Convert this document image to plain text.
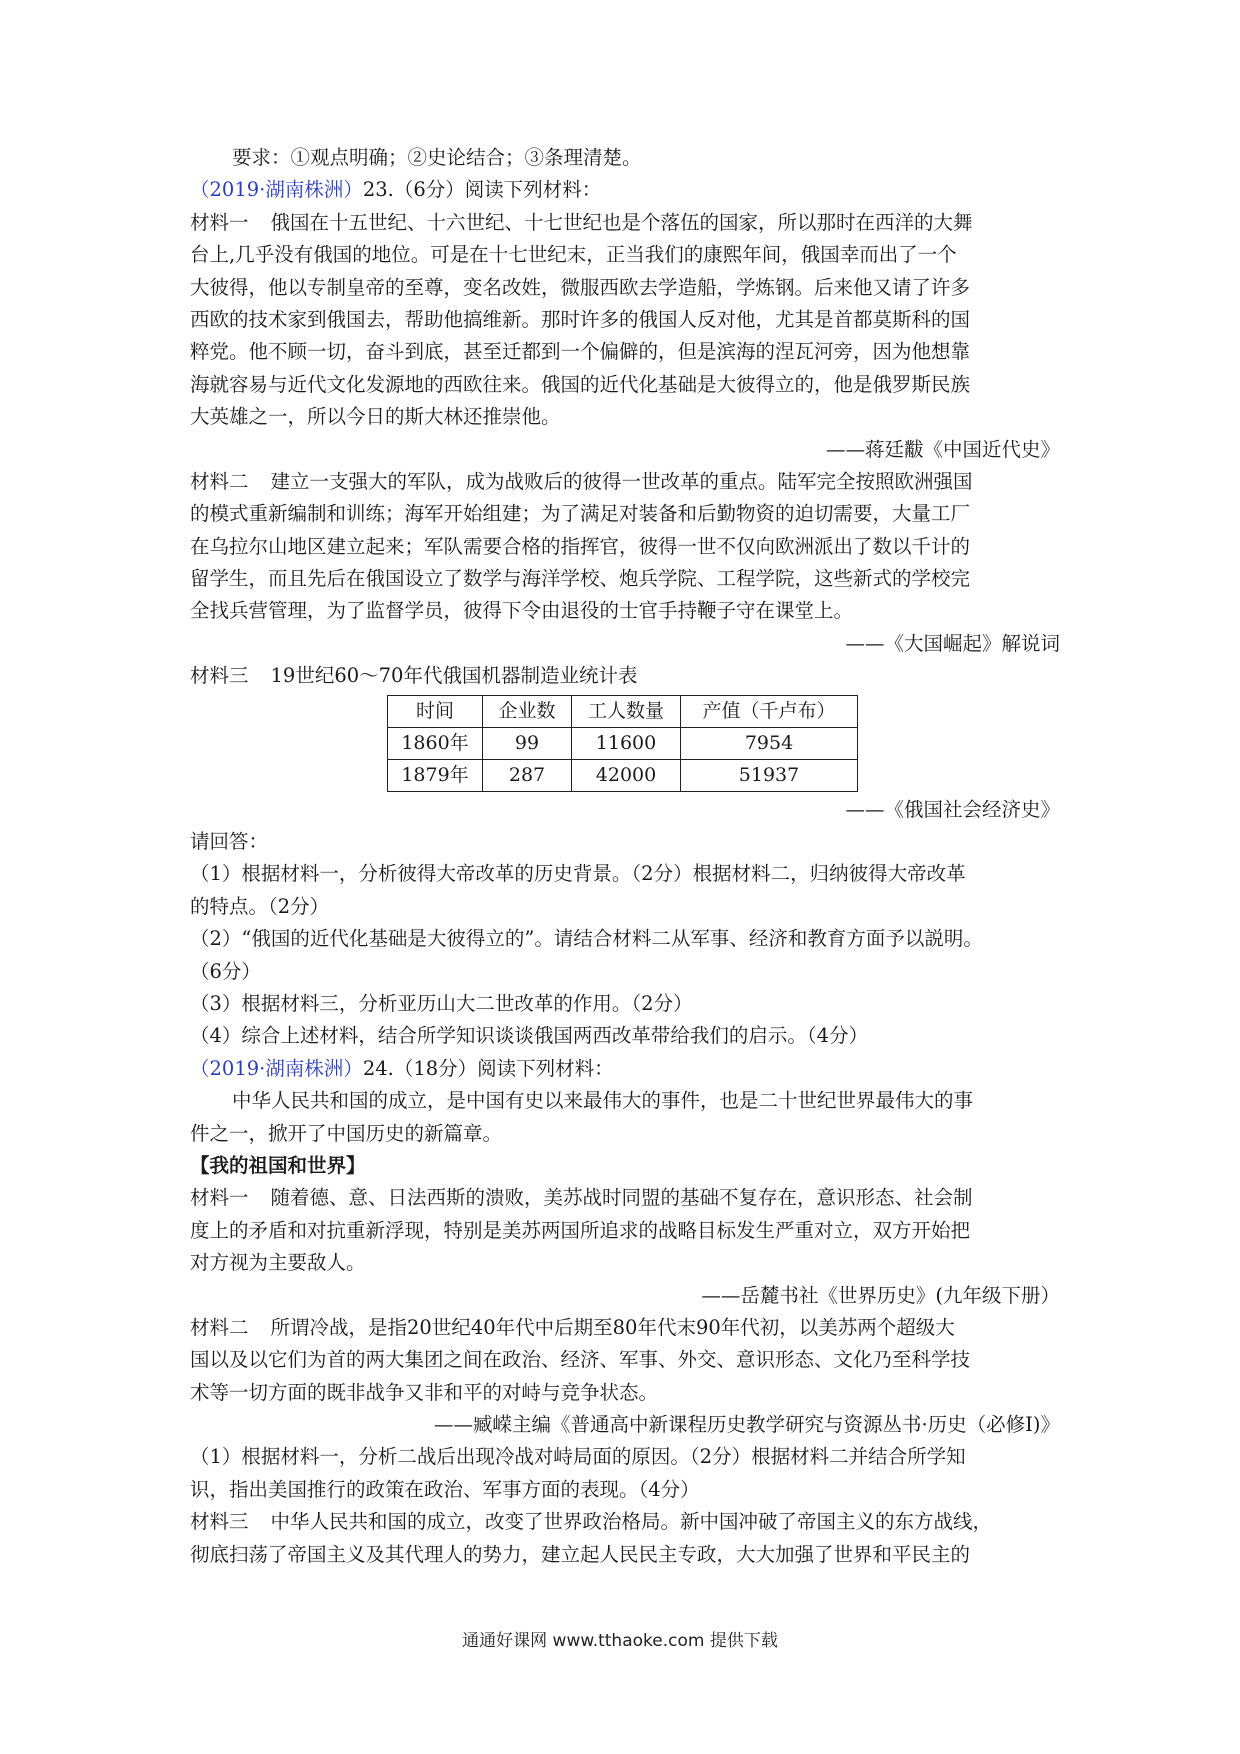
要求：①观点明确；②史论结合；③条理清楚。
（2019·湖南株洲）23.（6分）阅读下列材料：
材料一 俄国在十五世纪、十六世纪、十七世纪也是个落伍的国家，所以那时在西洋的大舞
台上,几乎没有俄国的地位。可是在十七世纪末，正当我们的康熙年间，俄国幸而出了一个
大彼得，他以专制皇帝的至尊，变名改姓，微服西欧去学造船，学炼钢。后来他又请了许多
西欧的技术家到俄国去，帮助他搞维新。那时许多的俄国人反对他，尤其是首都莫斯科的国
粹党。他不顾一切，奋斗到底，甚至迁都到一个偏僻的，但是滨海的涅瓦河旁，因为他想靠
海就容易与近代文化发源地的西欧往来。俄国的近代化基础是大彼得立的，他是俄罗斯民族
大英雄之一，所以今日的斯大林还推崇他。
——蒋廷黻《中国近代史》
材料二 建立一支强大的军队，成为战败后的彼得一世改革的重点。陆军完全按照欧洲强国
的模式重新编制和训练；海军开始组建；为了满足对装备和后勤物资的迫切需要，大量工厂
在乌拉尔山地区建立起来；军队需要合格的指挥官，彼得一世不仅向欧洲派出了数以千计的
留学生，而且先后在俄国设立了数学与海洋学校、炮兵学院、工程学院，这些新式的学校完
全找兵营管理，为了监督学员，彼得下令由退役的士官手持鞭子守在课堂上。
——《大国崛起》解说词
材料三 19世纪60～70年代俄国机器制造业统计表
时间	企业数	工人数量	产值（千卢布）
1860年	99	11600	7954
1879年	287	42000	51937
——《俄国社会经济史》
请回答：
（1）根据材料一，分析彼得大帝改革的历史背景。（2分）根据材料二，归纳彼得大帝改革
的特点。（2分）
（2）“俄国的近代化基础是大彼得立的”。请结合材料二从军事、经济和教育方面予以説明。
（6分）
（3）根据材料三，分析亚历山大二世改革的作用。（2分）
（4）综合上述材料，结合所学知识谈谈俄国两西改革带给我们的启示。（4分）
（2019·湖南株洲）24.（18分）阅读下列材料：
中华人民共和国的成立，是中国有史以来最伟大的事件，也是二十世纪世界最伟大的事
件之一，掀开了中国历史的新篇章。
【我的祖国和世界】
材料一 随着德、意、日法西斯的溃败，美苏战时同盟的基础不复存在，意识形态、社会制
度上的矛盾和对抗重新浮现，特别是美苏两国所追求的战略目标发生严重对立，双方开始把
对方视为主要敌人。
——岳麓书社《世界历史》(九年级下册）
材料二 所谓冷战，是指20世纪40年代中后期至80年代末90年代初，以美苏两个超级大
国以及以它们为首的两大集团之间在政治、经济、军事、外交、意识形态、文化乃至科学技
术等一切方面的既非战争又非和平的对峙与竞争状态。
——臧嵘主编《普通高中新课程历史教学研究与资源丛书·历史（必修I)》
（1）根据材料一，分析二战后出现冷战对峙局面的原因。（2分）根据材料二并结合所学知
识，指出美国推行的政策在政治、军事方面的表现。（4分）
材料三 中华人民共和国的成立，改变了世界政治格局。新中国冲破了帝国主义的东方战线，
彻底扫荡了帝国主义及其代理人的势力，建立起人民民主专政，大大加强了世界和平民主的
通通好课网 www.tthaoke.com 提供下载
